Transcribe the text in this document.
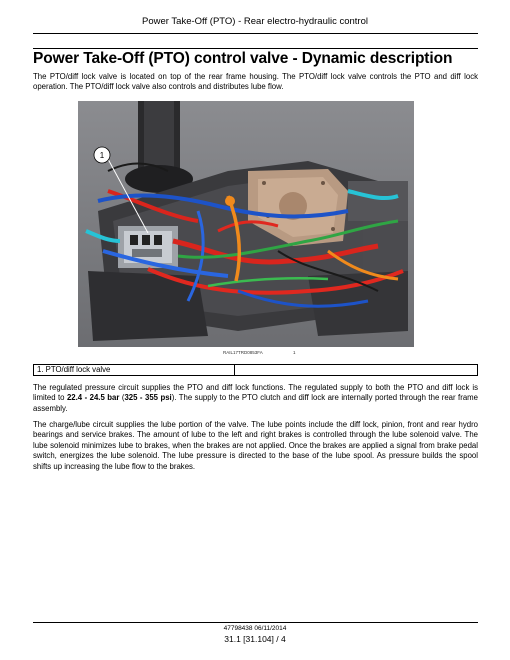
Power Take-Off (PTO) - Rear electro-hydraulic control
Power Take-Off (PTO) control valve - Dynamic description
The PTO/diff lock valve is located on top of the rear frame housing. The PTO/diff lock valve controls the PTO and diff lock operation. The PTO/diff lock valve also controls and distributes lube flow.
1
RAIL17TRD0853FA	1
1. PTO/diff lock valve
The regulated pressure circuit supplies the PTO and diff lock functions. The regulated supply to both the PTO and diff lock is limited to 22.4 - 24.5 bar (325 - 355 psi). The supply to the PTO clutch and diff lock are internally ported through the rear frame assembly.
The charge/lube circuit supplies the lube portion of the valve. The lube points include the diff lock, pinion, front and rear hydro bearings and service brakes. The amount of lube to the left and right brakes is controlled through the lube solenoid valve. The lube solenoid minimizes lube to brakes, when the brakes are not applied. Once the brakes are applied a signal from brake pedal switch, energizes the lube solenoid. The lube pressure is directed to the base of the lube spool. As pressure builds the spool shifts up increasing the lube flow to the brakes.
47798438 06/11/2014
31.1 [31.104] / 4
